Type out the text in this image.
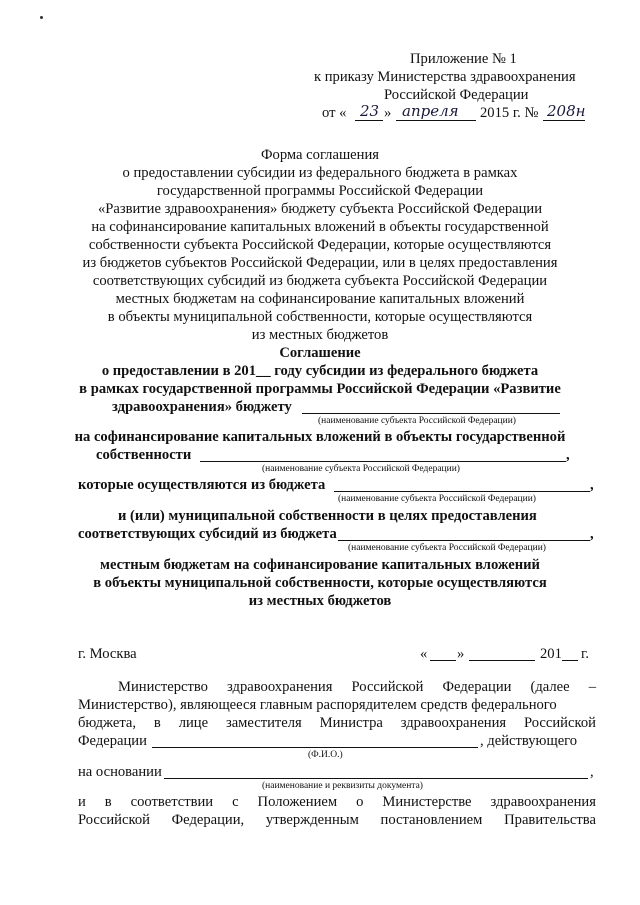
Приложение № 1
к приказу Министерства здравоохранения
Российской Федерации
от « 23 » апреля 2015 г. № 208н
Форма соглашения
о предоставлении субсидии из федерального бюджета в рамках
государственной программы Российской Федерации
«Развитие здравоохранения» бюджету субъекта Российской Федерации
на софинансирование капитальных вложений в объекты государственной
собственности субъекта Российской Федерации, которые осуществляются
из бюджетов субъектов Российской Федерации, или в целях предоставления
соответствующих субсидий из бюджета субъекта Российской Федерации
местных бюджетам на софинансирование капитальных вложений
в объекты муниципальной собственности, которые осуществляются
из местных бюджетов
Соглашение
о предоставлении в 201__ году субсидии из федерального бюджета
в рамках государственной программы Российской Федерации «Развитие
здравоохранения» бюджету
(наименование субъекта Российской Федерации)
на софинансирование капитальных вложений в объекты государственной
собственности	,
(наименование субъекта Российской Федерации)
которые осуществляются из бюджета	,
(наименование субъекта Российской Федерации)
и (или) муниципальной собственности в целях предоставления
соответствующих субсидий из бюджета	,
(наименование субъекта Российской Федерации)
местным бюджетам на софинансирование капитальных вложений
в объекты муниципальной собственности, которые осуществляются
из местных бюджетов
г. Москва	« »	201 г.
Министерство здравоохранения Российской Федерации (далее –
Министерство), являющееся главным распорядителем средств федерального
бюджета, в лице заместителя Министра здравоохранения Российской
Федерации	, действующего
(Ф.И.О.)
на основании	,
(наименование и реквизиты документа)
и в соответствии с Положением о Министерстве здравоохранения
Российской Федерации, утвержденным постановлением Правительства
